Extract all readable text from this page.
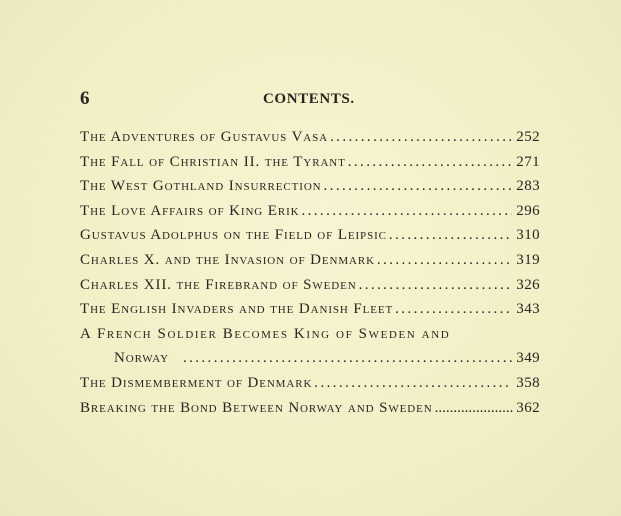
6	CONTENTS.
The Adventures of Gustavus Vasa .....	252
The Fall of Christian II. the Tyrant .....	271
The West Gothland Insurrection .....	283
The Love Affairs of King Erik .....	296
Gustavus Adolphus on the Field of Leipsic .....	310
Charles X. and the Invasion of Denmark .....	319
Charles XII. the Firebrand of Sweden .....	326
The English Invaders and the Danish Fleet .....	343
A French Soldier Becomes King of Sweden and
Norway .....	349
The Dismemberment of Denmark .....	358
Breaking the Bond Between Norway and Sweden .....	362
